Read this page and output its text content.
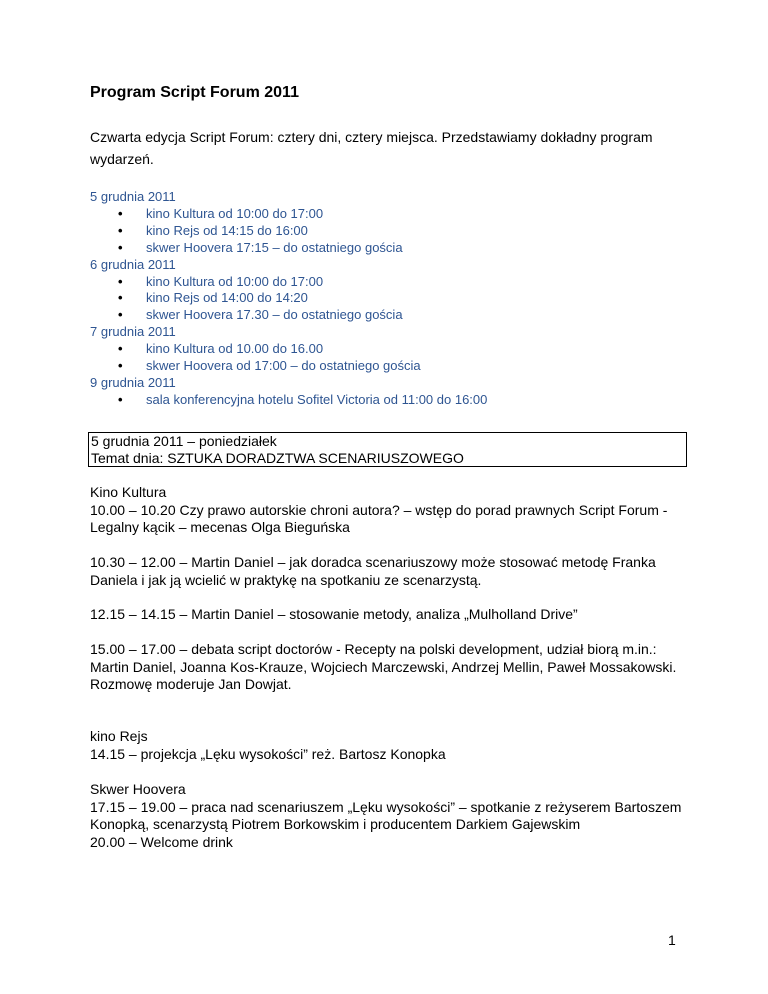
Program Script Forum 2011

Czwarta edycja Script Forum: cztery dni, cztery miejsca. Przedstawiamy dokładny program wydarzeń.

5 grudnia 2011
• kino Kultura od 10:00 do 17:00
• kino Rejs od 14:15 do 16:00
• skwer Hoovera 17:15 – do ostatniego gościa
6 grudnia 2011
• kino Kultura od 10:00 do 17:00
• kino Rejs od 14:00 do 14:20
• skwer Hoovera 17.30 – do ostatniego gościa
7 grudnia 2011
• kino Kultura od 10.00 do 16.00
• skwer Hoovera od 17:00 – do ostatniego gościa
9 grudnia 2011
• sala konferencyjna hotelu Sofitel Victoria od 11:00 do 16:00
5 grudnia 2011 – poniedziałek
Temat dnia: SZTUKA DORADZTWA SCENARIUSZOWEGO

Kino Kultura
10.00 – 10.20 Czy prawo autorskie chroni autora? – wstęp do porad prawnych Script Forum - Legalny kącik – mecenas Olga Bieguńska

10.30 – 12.00 – Martin Daniel – jak doradca scenariuszowy może stosować metodę Franka Daniela i jak ją wcielić w praktykę na spotkaniu ze scenarzystą.

12.15 – 14.15 – Martin Daniel – stosowanie metody, analiza „Mulholland Drive”

15.00 – 17.00 – debata script doctorów - Recepty na polski development, udział biorą m.in.: Martin Daniel, Joanna Kos-Krauze, Wojciech Marczewski, Andrzej Mellin, Paweł Mossakowski. Rozmowę moderuje Jan Dowjat.

kino Rejs
14.15 – projekcja „Lęku wysokości” reż. Bartosz Konopka

Skwer Hoovera
17.15 – 19.00 – praca nad scenariuszem „Lęku wysokości” – spotkanie z reżyserem Bartoszem Konopką, scenarzystą Piotrem Borkowskim i producentem Darkiem Gajewskim

20.00 – Welcome drink

1
